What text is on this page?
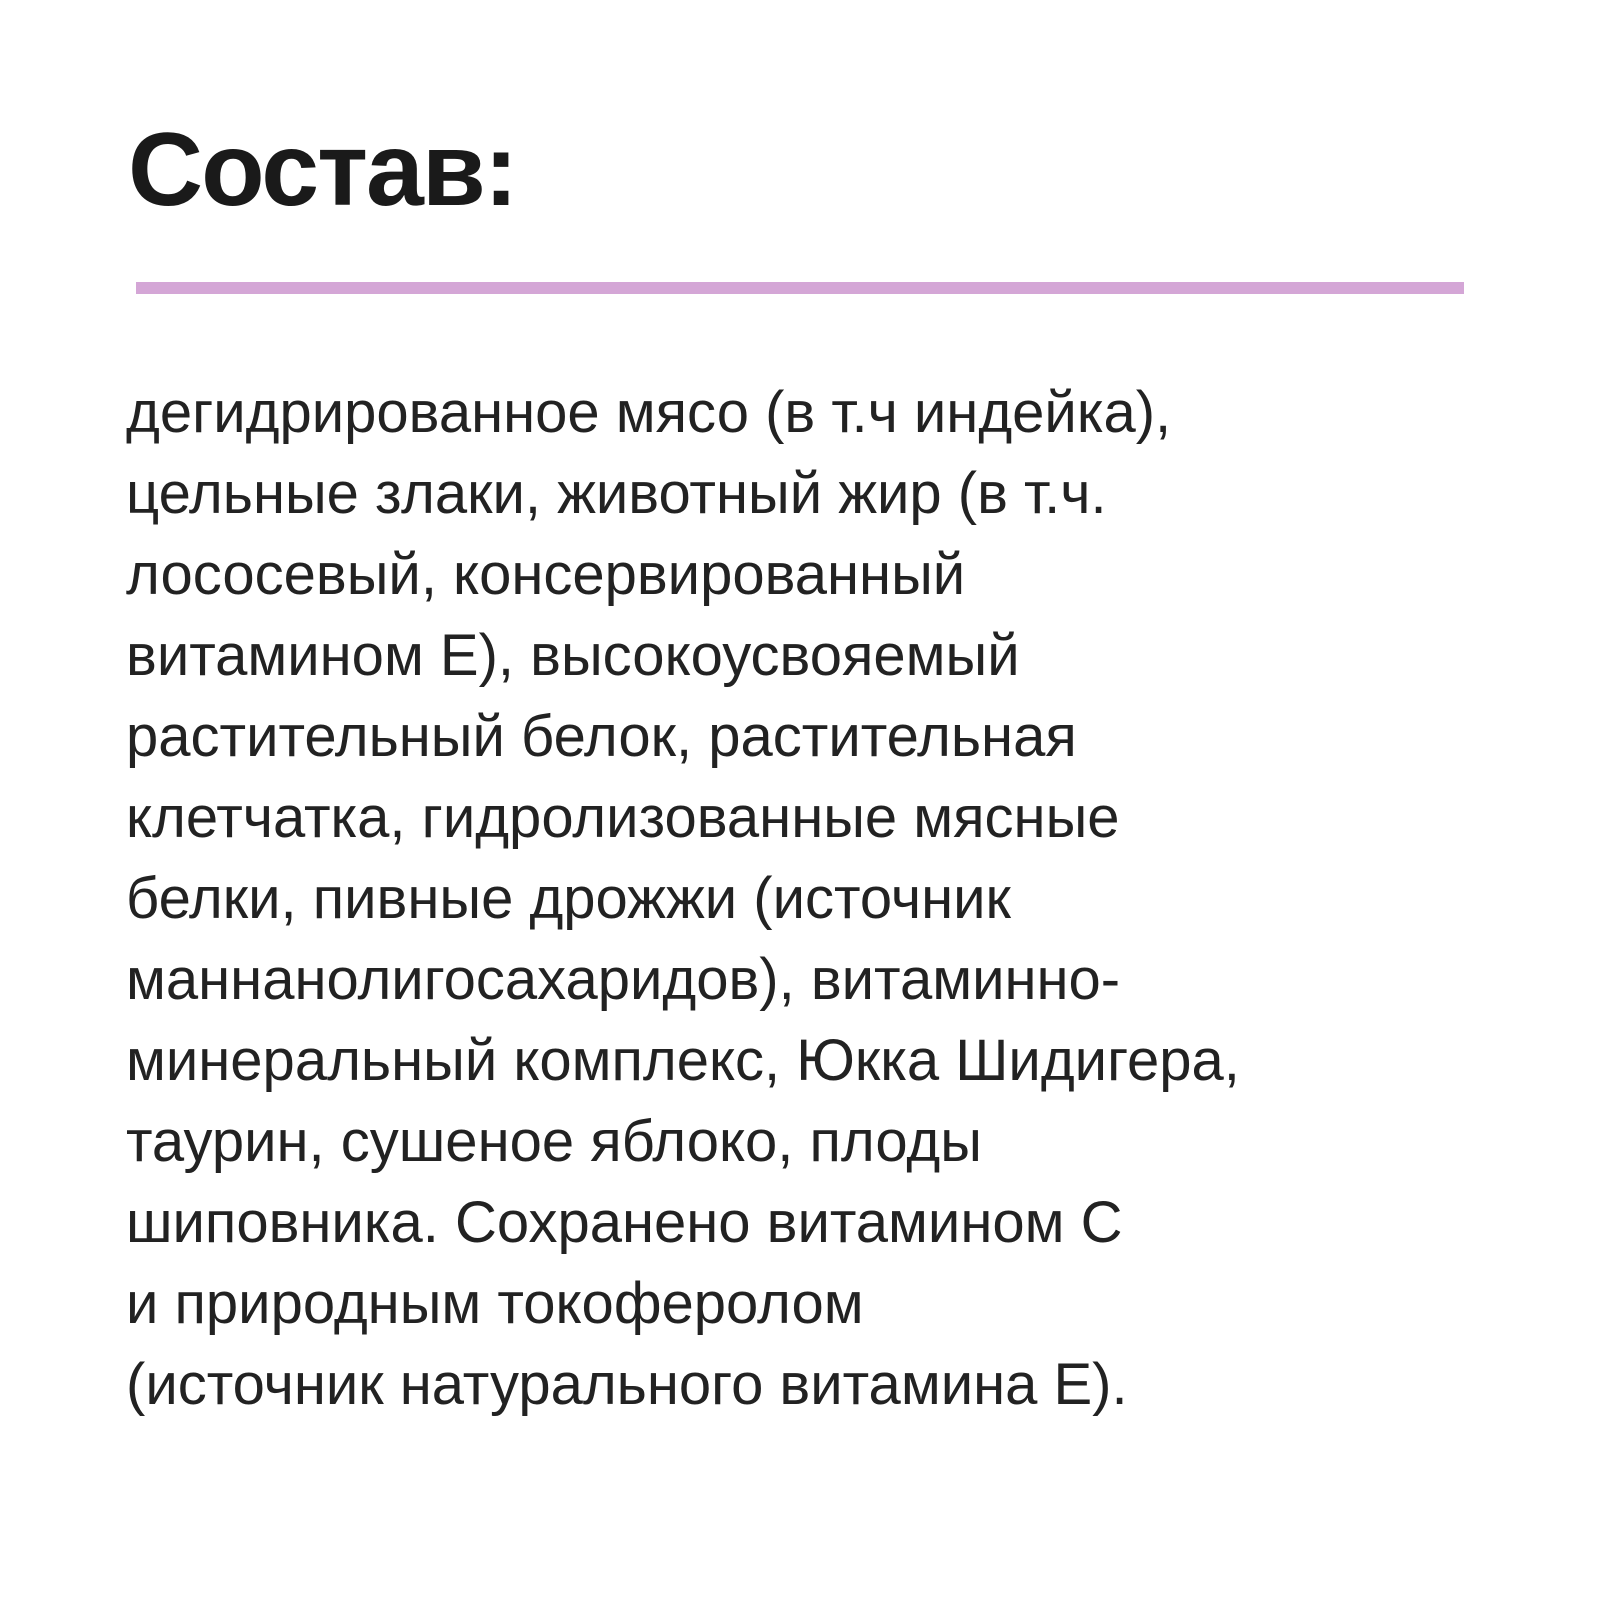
Состав:
дегидрированное мясо (в т.ч индейка),
цельные злаки, животный жир (в т.ч.
лососевый, консервированный
витамином Е), высокоусвояемый
растительный белок, растительная
клетчатка, гидролизованные мясные
белки, пивные дрожжи (источник
маннанолигосахаридов), витаминно-
минеральный комплекс, Юкка Шидигера,
таурин, сушеное яблоко, плоды
шиповника. Сохранено витамином С
и природным токоферолом
(источник натурального витамина Е).
